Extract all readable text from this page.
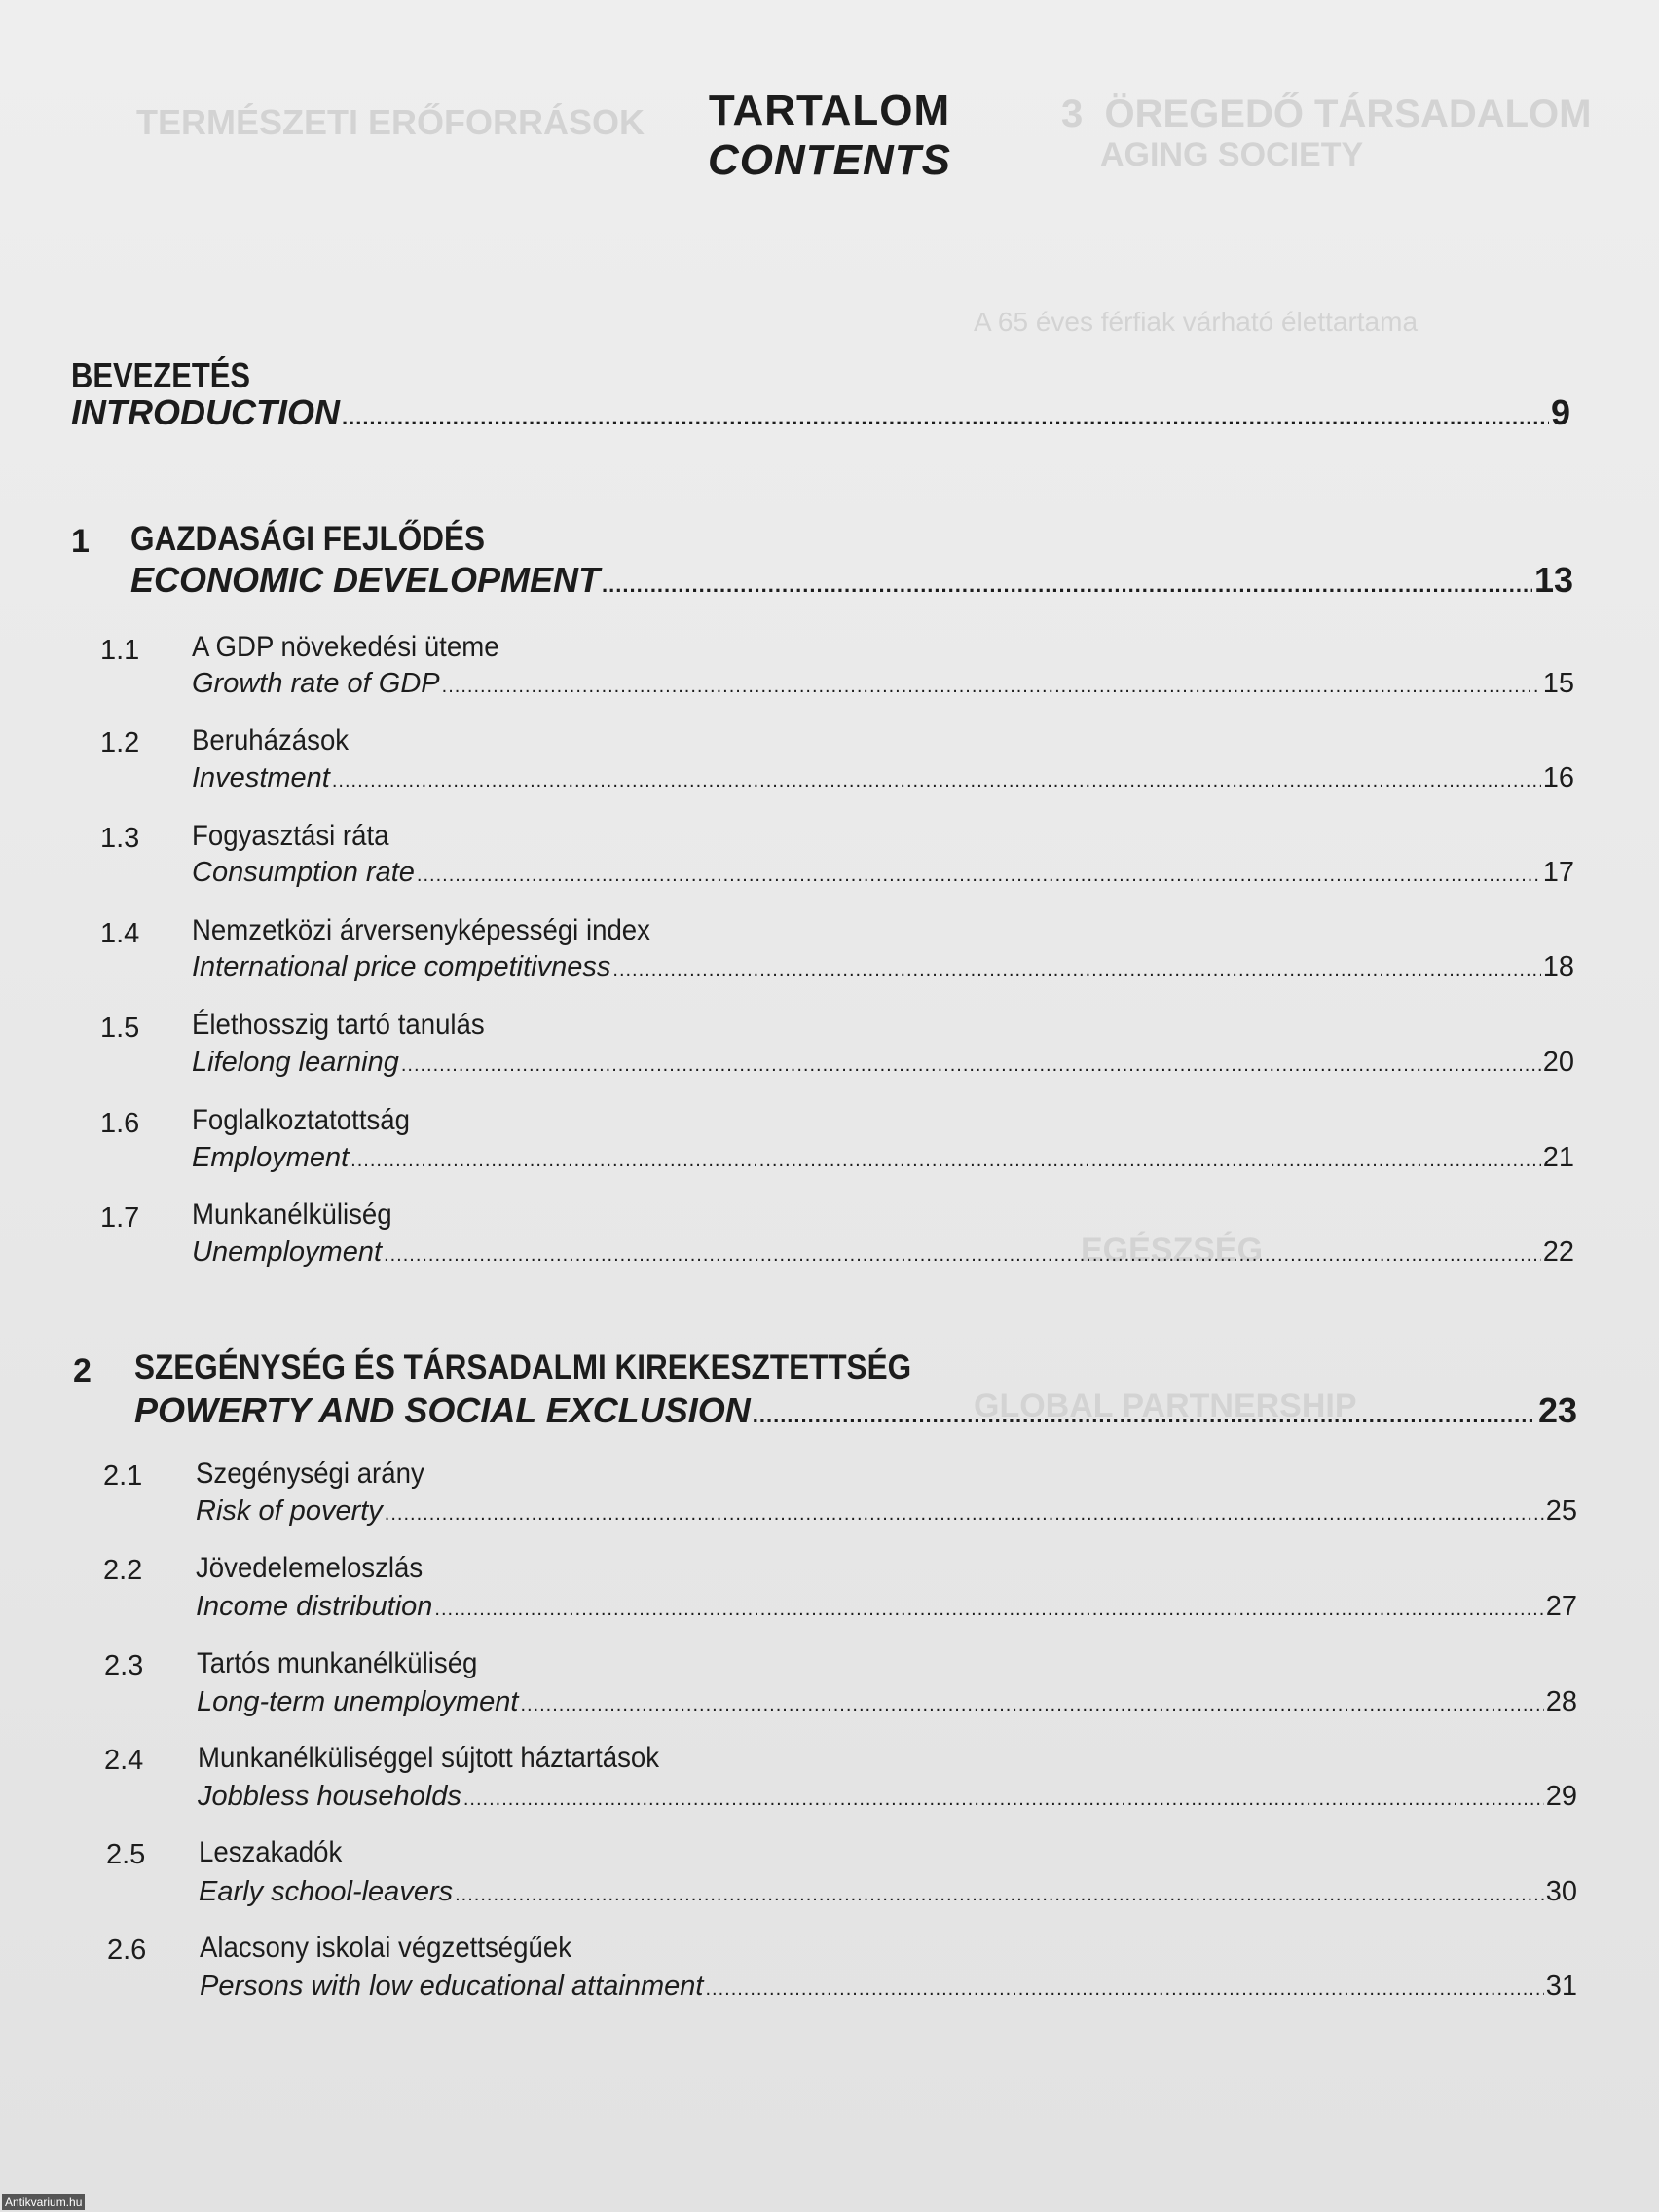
3  ÖREGEDŐ TÁRSADALOM
AGING SOCIETY
TERMÉSZETI ERŐFORRÁSOK
A 65 éves férfiak várható élettartama
EGÉSZSÉG
GLOBAL PARTNERSHIP
TARTALOM
CONTENTS
BEVEZETÉS
INTRODUCTION .....	9
1 GAZDASÁGI FEJLŐDÉS
ECONOMIC DEVELOPMENT .....	13
1.1 A GDP növekedési üteme
Growth rate of GDP .....	15
1.2 Beruházások
Investment .....	16
1.3 Fogyasztási ráta
Consumption rate .....	17
1.4 Nemzetközi árversenyképességi index
International price competitivness .....	18
1.5 Élethosszig tartó tanulás
Lifelong learning .....	20
1.6 Foglalkoztatottság
Employment .....	21
1.7 Munkanélküliség
Unemployment .....	22
2 SZEGÉNYSÉG ÉS TÁRSADALMI KIREKESZTETTSÉG
POWERTY AND SOCIAL EXCLUSION .....	23
2.1 Szegénységi arány
Risk of poverty .....	25
2.2 Jövedelemeloszlás
Income distribution .....	27
2.3 Tartós munkanélküliség
Long-term unemployment .....	28
2.4 Munkanélküliséggel sújtott háztartások
Jobbless households .....	29
2.5 Leszakadók
Early school-leavers .....	30
2.6 Alacsony iskolai végzettségűek
Persons with low educational attainment .....	31
Antikvarium.hu
